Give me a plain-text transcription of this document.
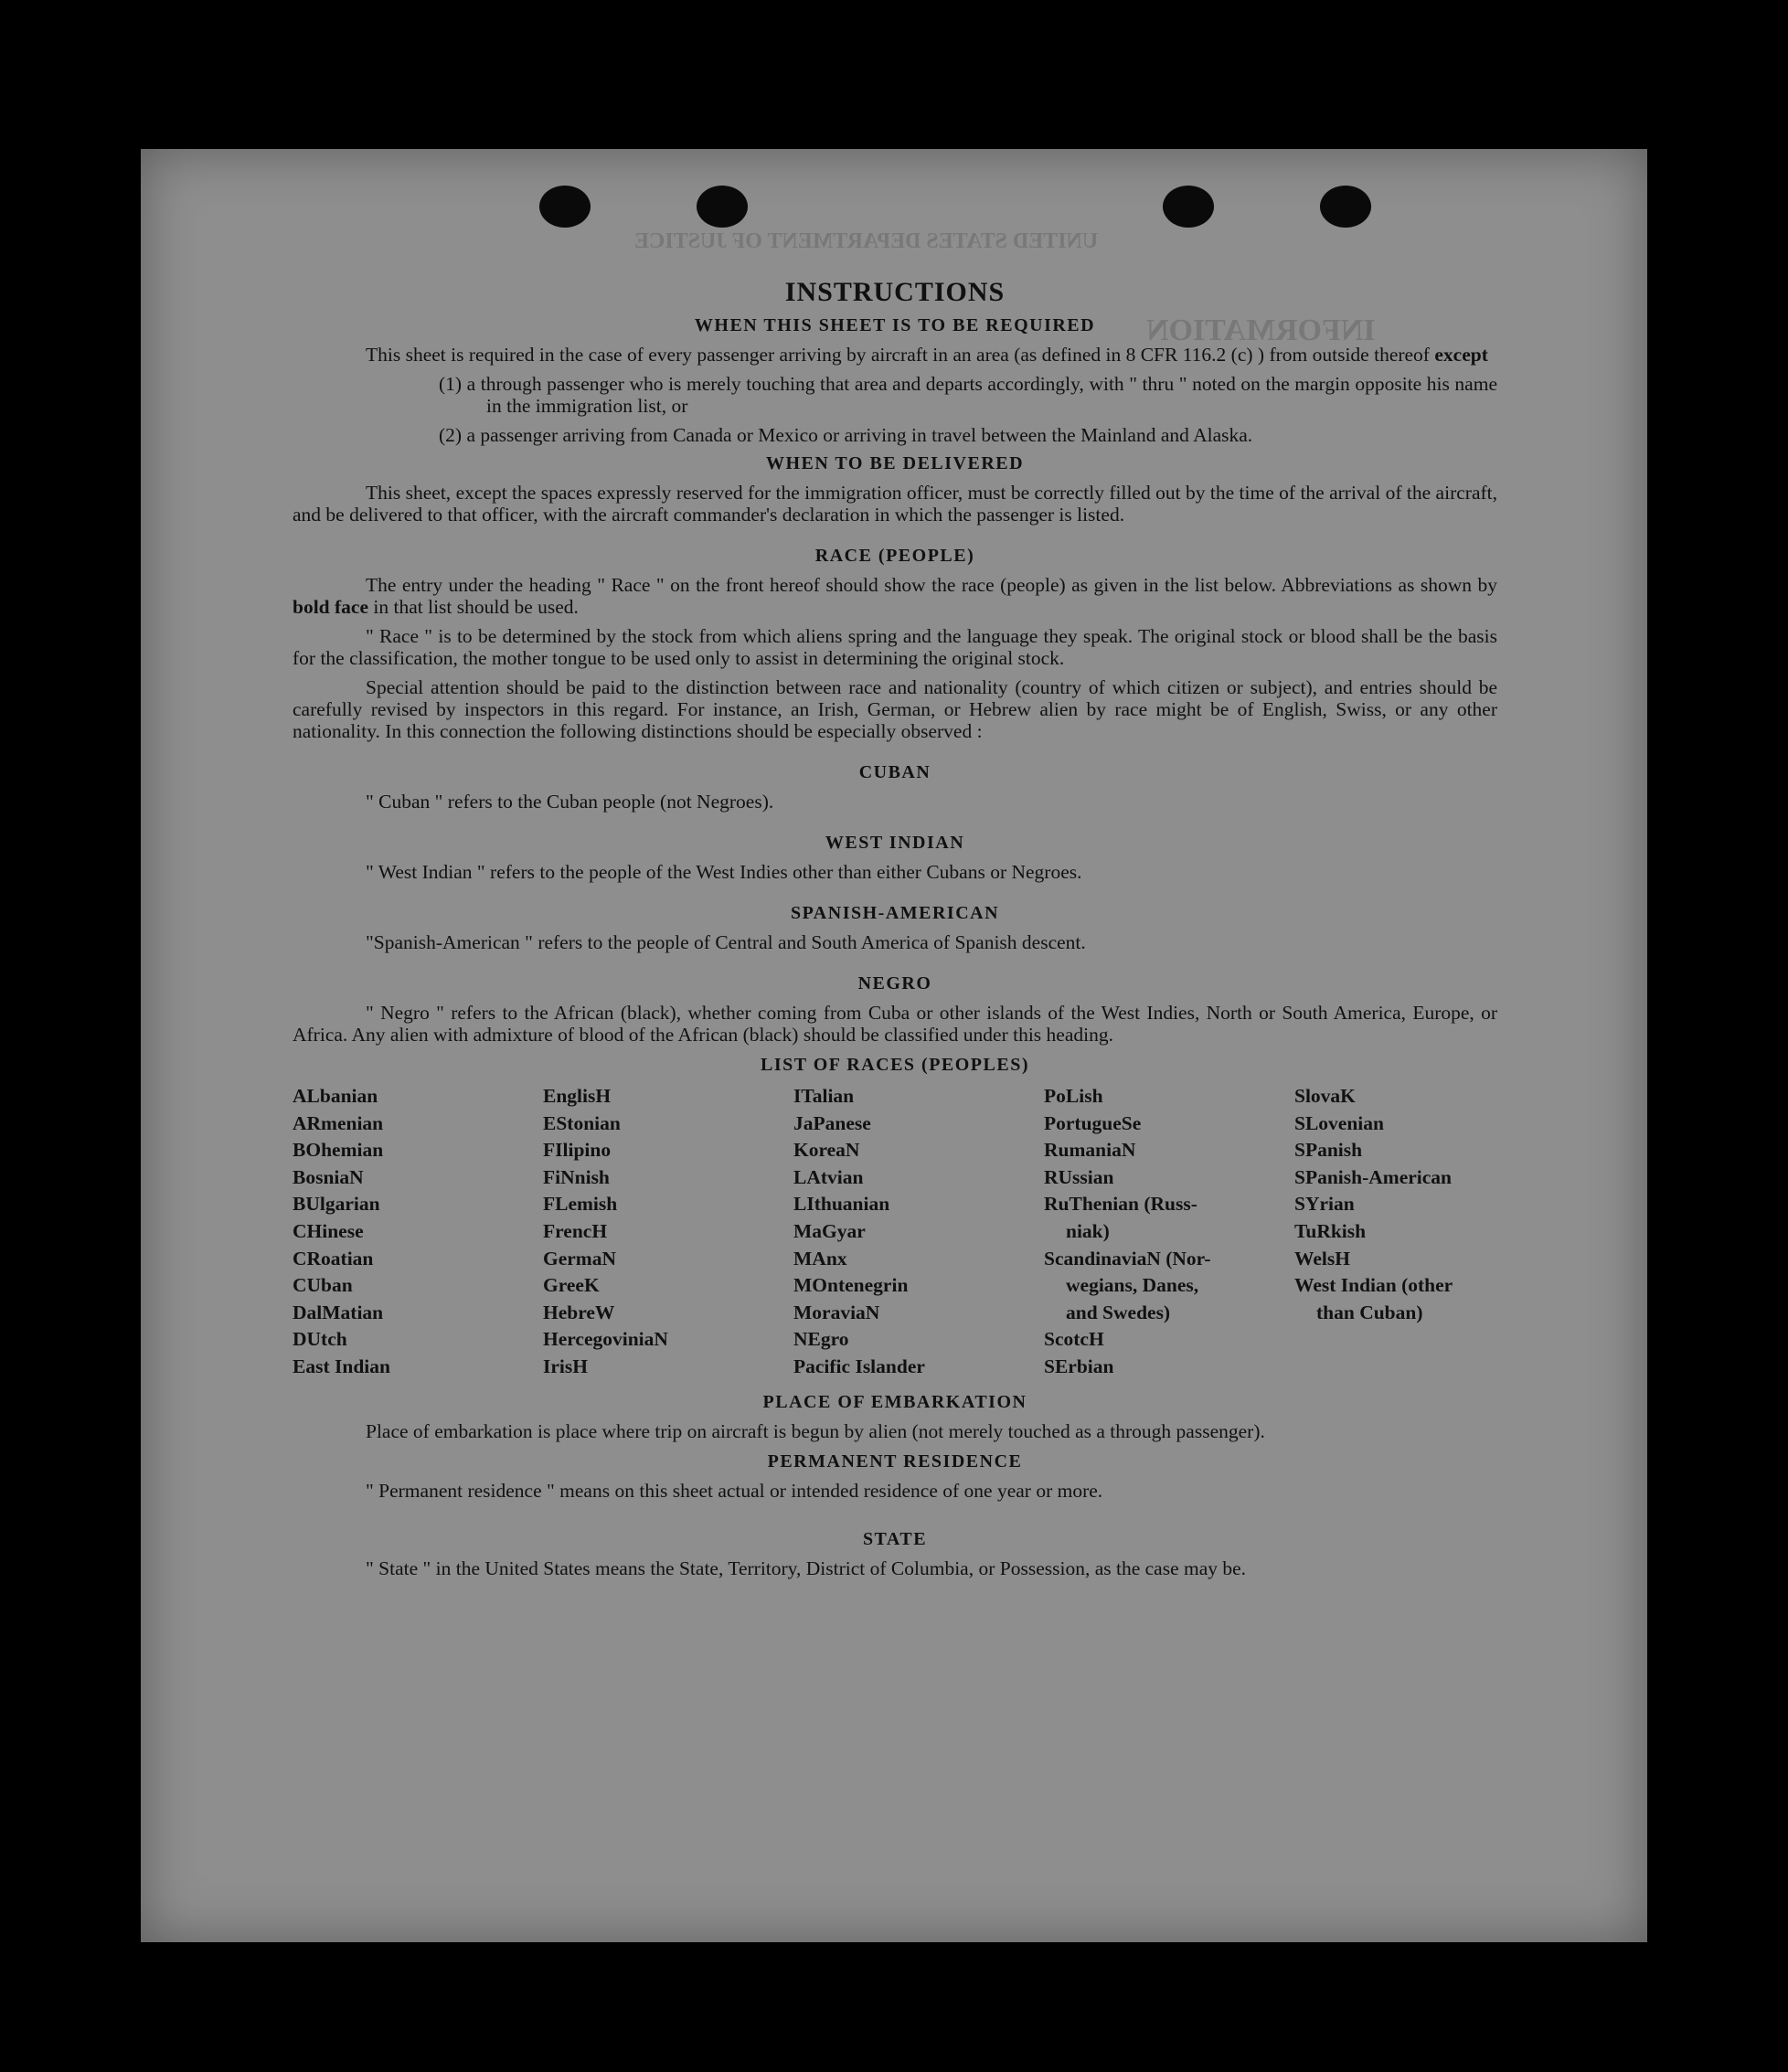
UNITED STATES DEPARTMENT OF JUSTICE
INFORMATION
INSTRUCTIONS
WHEN THIS SHEET IS TO BE REQUIRED

This sheet is required in the case of every passenger arriving by aircraft in an area (as defined in 8 CFR 116.2 (c) ) from outside thereof except

(1) a through passenger who is merely touching that area and departs accordingly, with " thru " noted on the margin opposite his name in the immigration list, or
(2) a passenger arriving from Canada or Mexico or arriving in travel between the Mainland and Alaska.
WHEN TO BE DELIVERED

This sheet, except the spaces expressly reserved for the immigration officer, must be correctly filled out by the time of the arrival of the aircraft, and be delivered to that officer, with the aircraft commander's declaration in which the passenger is listed.

RACE (PEOPLE)

The entry under the heading " Race " on the front hereof should show the race (people) as given in the list below. Abbreviations as shown by bold face in that list should be used.

" Race " is to be determined by the stock from which aliens spring and the language they speak. The original stock or blood shall be the basis for the classification, the mother tongue to be used only to assist in determining the original stock.

Special attention should be paid to the distinction between race and nationality (country of which citizen or subject), and entries should be carefully revised by inspectors in this regard. For instance, an Irish, German, or Hebrew alien by race might be of English, Swiss, or any other nationality. In this connection the following distinctions should be especially observed :

CUBAN

" Cuban " refers to the Cuban people (not Negroes).

WEST INDIAN

" West Indian " refers to the people of the West Indies other than either Cubans or Negroes.

SPANISH-AMERICAN

"Spanish-American " refers to the people of Central and South America of Spanish descent.

NEGRO

" Negro " refers to the African (black), whether coming from Cuba or other islands of the West Indies, North or South America, Europe, or Africa. Any alien with admixture of blood of the African (black) should be classified under this heading.

LIST OF RACES (PEOPLES)
ALbanian
ARmenian
BOhemian
BosniaN
BUlgarian
CHinese
CRoatian
CUban
DalMatian
DUtch
East Indian
EnglisH
EStonian
FIlipino
FiNnish
FLemish
FrencH
GermaN
GreeK
HebreW
HercegoviniaN
IrisH
ITalian
JaPanese
KoreaN
LAtvian
LIthuanian
MaGyar
MAnx
MOntenegrin
MoraviaN
NEgro
Pacific Islander
PoLish
PortugueSe
RumaniaN
RUssian
RuThenian (Russ-
niak)
ScandinaviaN (Nor-
wegians, Danes,
and Swedes)
ScotcH
SErbian
SlovaK
SLovenian
SPanish
SPanish-American
SYrian
TuRkish
WelsH
West Indian (other
than Cuban)
PLACE OF EMBARKATION

Place of embarkation is place where trip on aircraft is begun by alien (not merely touched as a through passenger).

PERMANENT RESIDENCE

" Permanent residence " means on this sheet actual or intended residence of one year or more.

STATE

" State " in the United States means the State, Territory, District of Columbia, or Possession, as the case may be.
